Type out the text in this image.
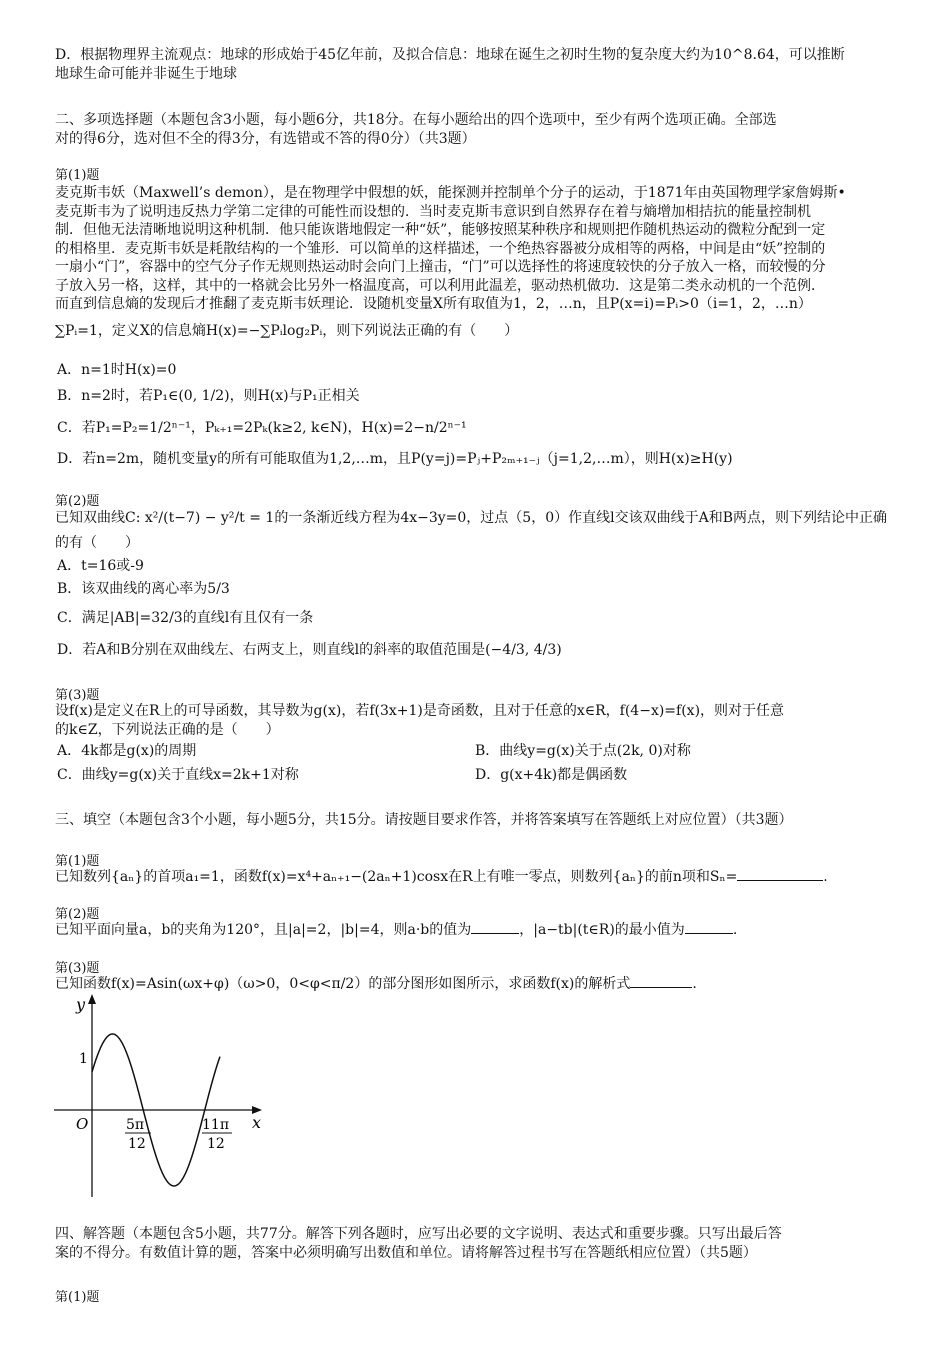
D．根据物理界主流观点：地球的形成始于45亿年前，及拟合信息：地球在诞生之初时生物的复杂度大约为10^8.64，可以推断
地球生命可能并非诞生于地球
二、多项选择题（本题包含3小题，每小题6分，共18分。在每小题给出的四个选项中，至少有两个选项正确。全部选
对的得6分，选对但不全的得3分，有选错或不答的得0分）（共3题）
第(1)题
麦克斯韦妖（Maxwell’s demon），是在物理学中假想的妖，能探测并控制单个分子的运动，于1871年由英国物理学家詹姆斯•
麦克斯韦为了说明违反热力学第二定律的可能性而设想的．当时麦克斯韦意识到自然界存在着与熵增加相拮抗的能量控制机
制．但他无法清晰地说明这种机制．他只能诙谐地假定一种“妖”，能够按照某种秩序和规则把作随机热运动的微粒分配到一定
的相格里．麦克斯韦妖是耗散结构的一个雏形．可以简单的这样描述，一个绝热容器被分成相等的两格，中间是由“妖”控制的
一扇小“门”，容器中的空气分子作无规则热运动时会向门上撞击，“门”可以选择性的将速度较快的分子放入一格，而较慢的分
子放入另一格，这样，其中的一格就会比另外一格温度高，可以利用此温差，驱动热机做功．这是第二类永动机的一个范例．
而直到信息熵的发现后才推翻了麦克斯韦妖理论．设随机变量X所有取值为1，2，…n，且P(x=i)=Pᵢ>0（i=1，2，…n）
∑Pᵢ=1，定义X的信息熵H(x)=−∑Pᵢlog₂Pᵢ，则下列说法正确的有（　　）
A．n=1时H(x)=0
B．n=2时，若P₁∈(0, 1/2)，则H(x)与P₁正相关
C．若P₁=P₂=1/2ⁿ⁻¹，Pₖ₊₁=2Pₖ(k≥2, k∈N)，H(x)=2−n/2ⁿ⁻¹
D．若n=2m，随机变量y的所有可能取值为1,2,…m，且P(y=j)=Pⱼ+P₂ₘ₊₁₋ⱼ（j=1,2,…m），则H(x)≥H(y)
第(2)题
已知双曲线C: x²/(t−7) − y²/t = 1的一条渐近线方程为4x−3y=0，过点（5，0）作直线l交该双曲线于A和B两点，则下列结论中正确
的有（　　）
A．t=16或-9
B．该双曲线的离心率为5/3
C．满足|AB|=32/3的直线l有且仅有一条
D．若A和B分别在双曲线左、右两支上，则直线l的斜率的取值范围是(−4/3, 4/3)
第(3)题
设f(x)是定义在R上的可导函数，其导数为g(x)，若f(3x+1)是奇函数，且对于任意的x∈R，f(4−x)=f(x)，则对于任意
的k∈Z，下列说法正确的是（　　）
A．4k都是g(x)的周期	B．曲线y=g(x)关于点(2k, 0)对称
C．曲线y=g(x)关于直线x=2k+1对称	D．g(x+4k)都是偶函数
三、填空（本题包含3个小题，每小题5分，共15分。请按题目要求作答，并将答案填写在答题纸上对应位置）（共3题）
第(1)题
已知数列{aₙ}的首项a₁=1，函数f(x)=x⁴+aₙ₊₁−(2aₙ+1)cosx在R上有唯一零点，则数列{aₙ}的前n项和Sₙ=	.
第(2)题
已知平面向量a，b的夹角为120°，且|a|=2，|b|=4，则a·b的值为	，|a−tb|(t∈R)的最小值为	.
第(3)题
已知函数f(x)=Asin(ωx+φ)（ω>0，0<φ<π/2）的部分图形如图所示，求函数f(x)的解析式	.
y
x
O
1
5π
12
11π
12
四、解答题（本题包含5小题，共77分。解答下列各题时，应写出必要的文字说明、表达式和重要步骤。只写出最后答
案的不得分。有数值计算的题，答案中必须明确写出数值和单位。请将解答过程书写在答题纸相应位置）（共5题）
第(1)题
